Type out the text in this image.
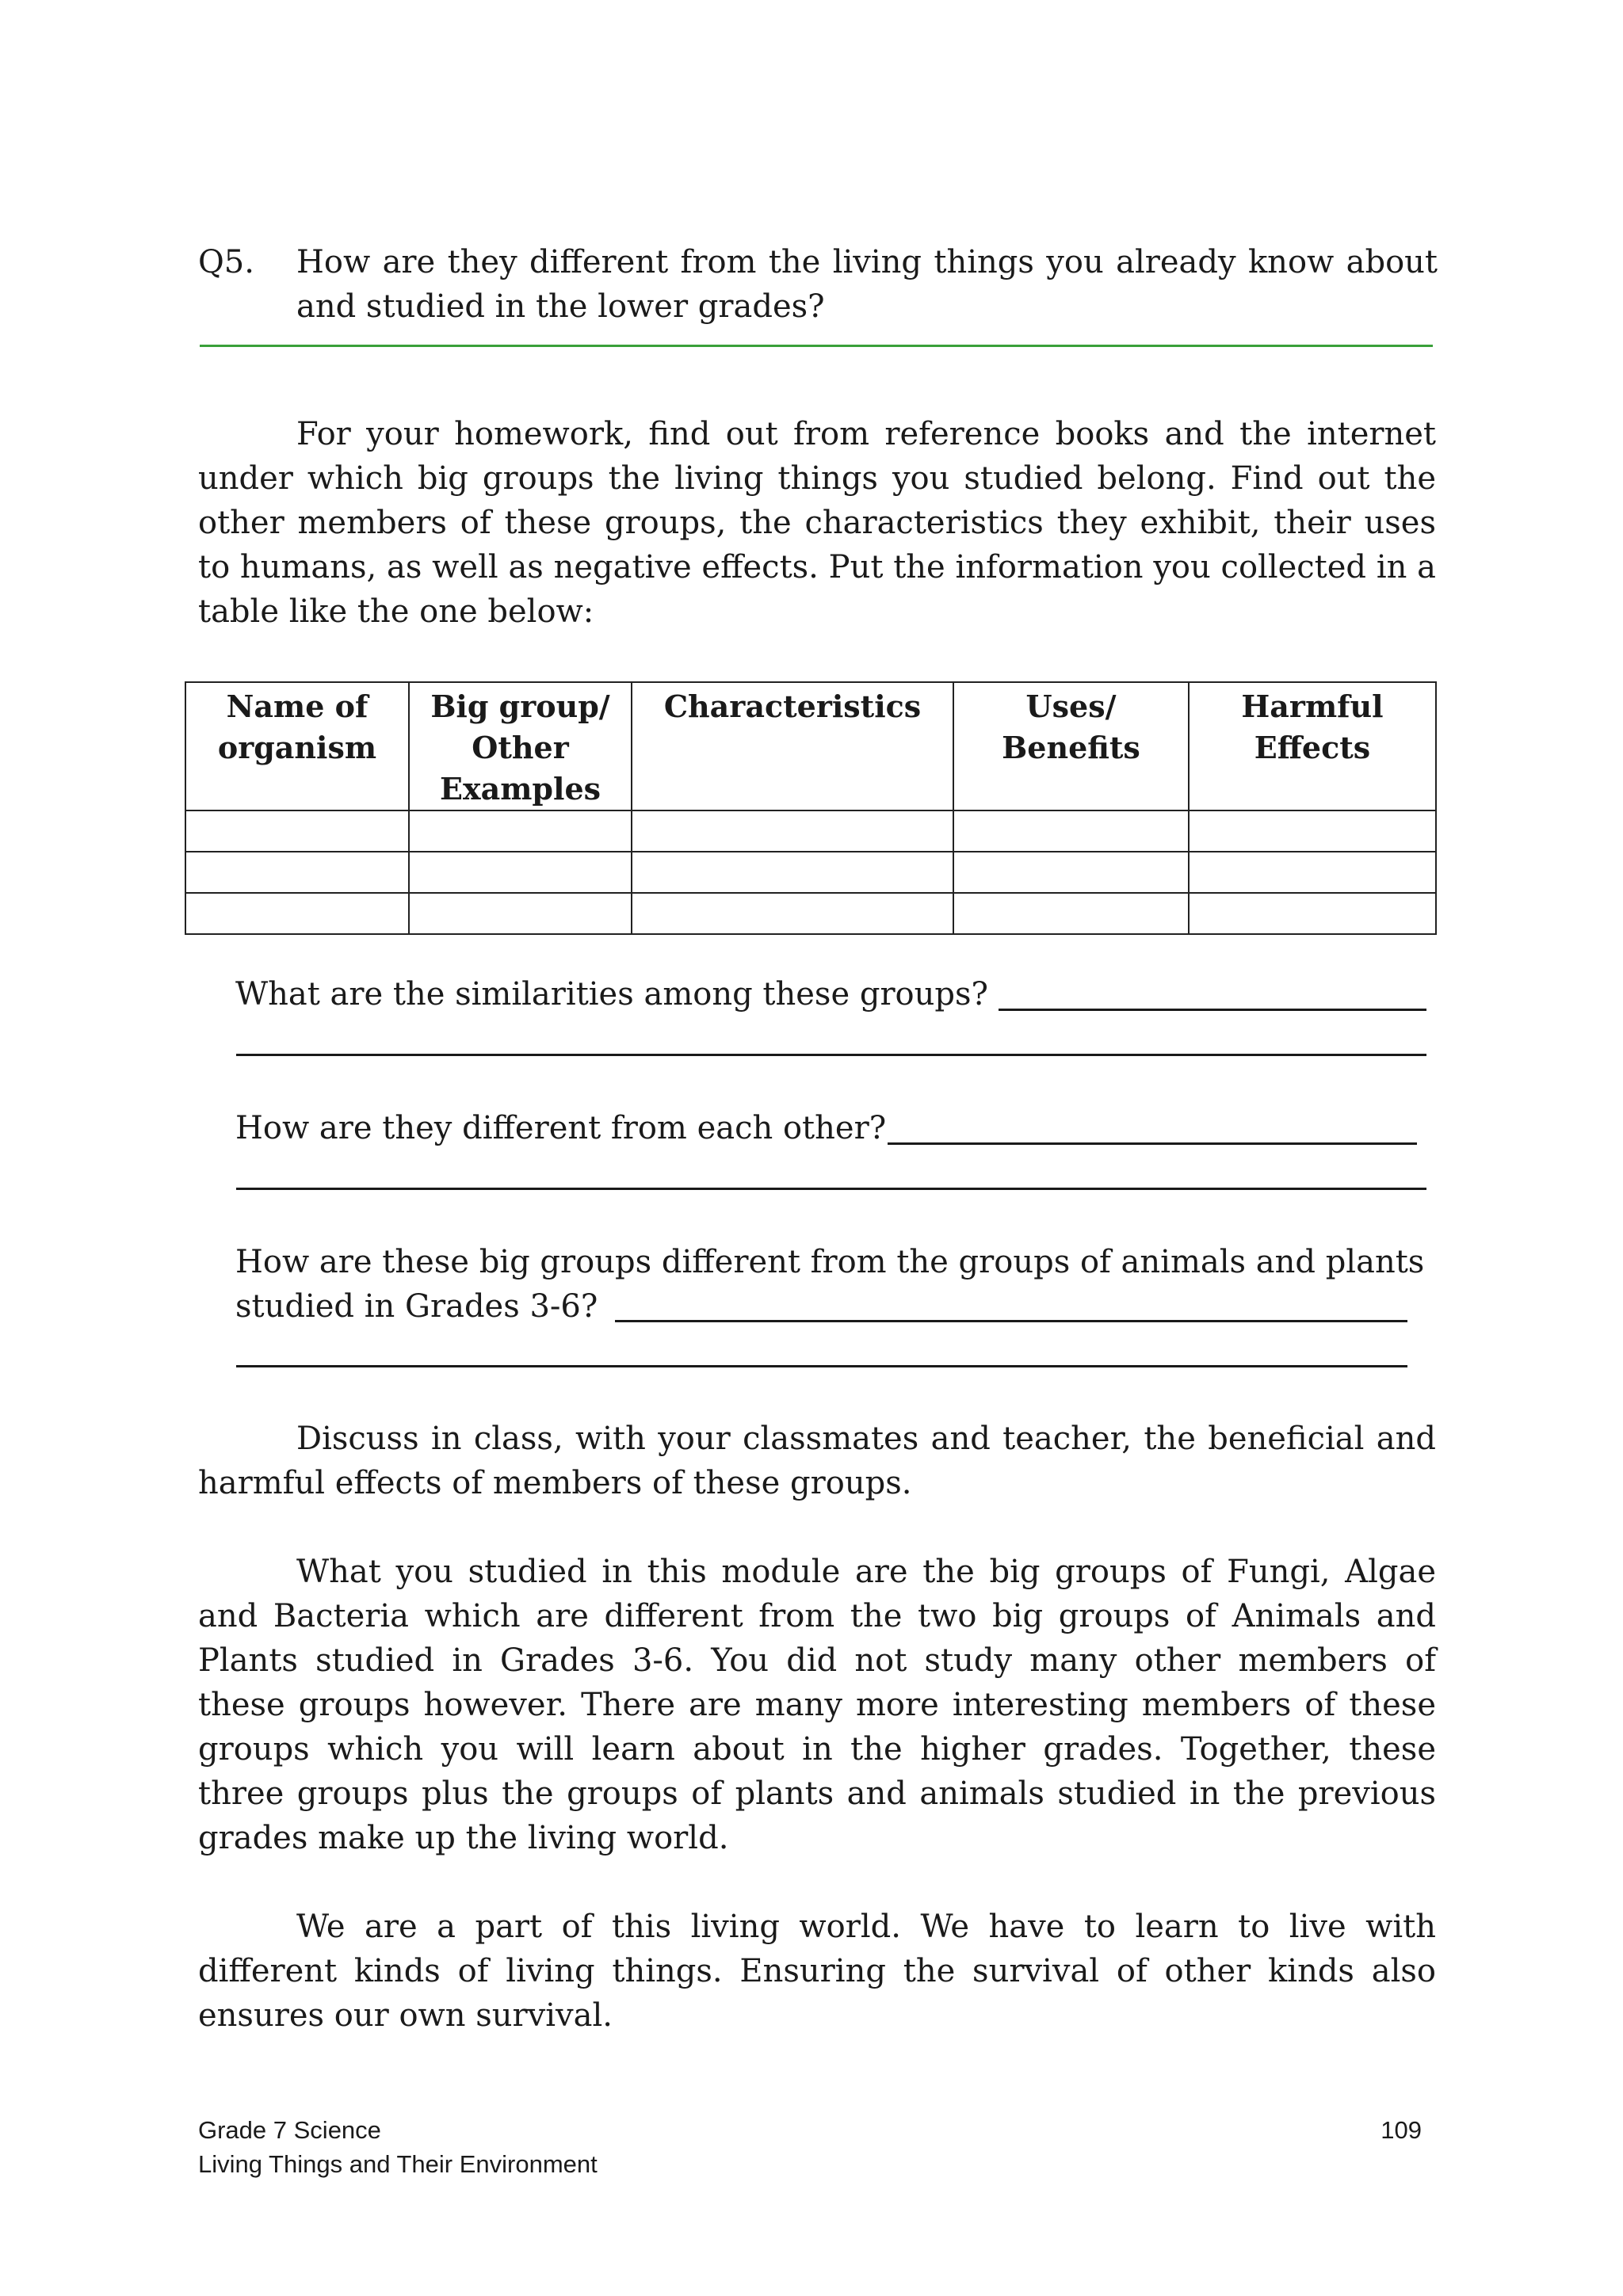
Q5. How are they different from the living things you already know about and studied in the lower grades?
For your homework, find out from reference books and the internet under which big groups the living things you studied belong. Find out the other members of these groups, the characteristics they exhibit, their uses to humans, as well as negative effects. Put the information you collected in a table like the one below:
Name of organism	Big group/ Other Examples	Characteristics	Uses/ Benefits	Harmful Effects

What are the similarities among these groups?
How are they different from each other?
How are these big groups different from the groups of animals and plants
studied in Grades 3-6?
Discuss in class, with your classmates and teacher, the beneficial and harmful effects of members of these groups.
What you studied in this module are the big groups of Fungi, Algae and Bacteria which are different from the two big groups of Animals and Plants studied in Grades 3-6. You did not study many other members of these groups however. There are many more interesting members of these groups which you will learn about in the higher grades. Together, these three groups plus the groups of plants and animals studied in the previous grades make up the living world.
We are a part of this living world. We have to learn to live with different kinds of living things. Ensuring the survival of other kinds also ensures our own survival.
Grade 7 Science
Living Things and Their Environment
109
